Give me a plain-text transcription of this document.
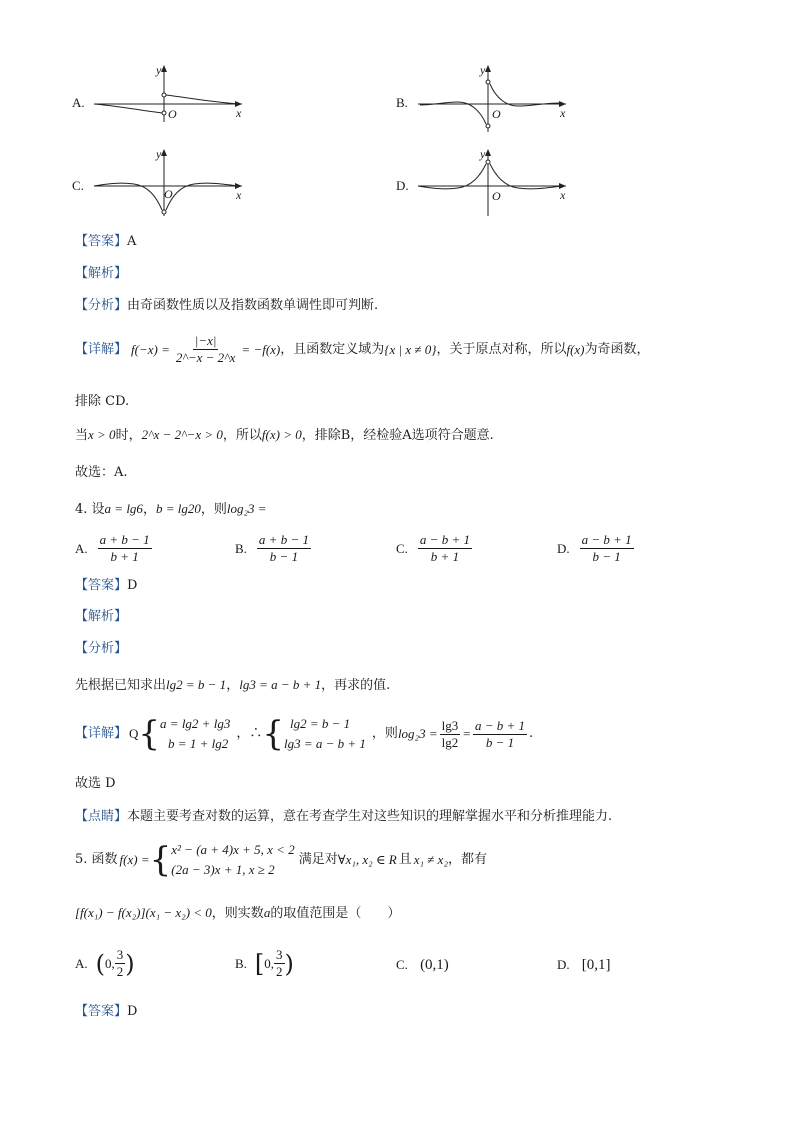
A.
y
x
O
B.
y
x
O
C.
y
x
O
D.
y
x
O
【答案】A
【解析】
【分析】由奇函数性质以及指数函数单调性即可判断.
【详解】 $f(-x) = \frac{|-x|}{2\^{}-x - 2\^{}x} = -f(x)$ ，且函数定义域为 {x | x ≠ 0} ，关于原点对称，所以 f(x) 为奇函数，
排除 CD.
当x > 0时，2^x − 2^−x > 0，所以f(x) > 0，排除B，经检验A选项符合题意.
故选：A.
4. 设a = lg6，b = lg20，则log₂3 =
A. $\frac{a + b - 1}{b + 1}$	B. $\frac{a + b - 1}{b - 1}$	C. $\frac{a - b + 1}{b + 1}$	D. $\frac{a - b + 1}{b - 1}$
【答案】D
【解析】
【分析】
先根据已知求出lg2 = b − 1，lg3 = a − b + 1，再求的值.
【详解】 Q { a = lg2 + lg3
b = 1 + lg2
，∴ { lg2 = b − 1
lg3 = a − b + 1
，则 $\log_23 = \frac{\lg 3}{\lg 2} = \frac{a - b + 1}{b - 1}$ .
故选 D
【点睛】本题主要考查对数的运算，意在考查学生对这些知识的理解掌握水平和分析推理能力.
5. 函数 f(x) = { x² − (a + 4)x + 5, x < 2
(2a − 3)x + 1, x ≥ 2
满足对 ∀x₁, x₂ ∈ R 且 x₁ ≠ x₂ ，都有
[f(x₁) − f(x₂)](x₁ − x₂) < 0，则实数a的取值范围是（　　）
A. ( 0, $\frac{3}{2}$ )	B. [ 0, $\frac{3}{2}$ )	C. (0,1)	D. [0,1]
【答案】D
